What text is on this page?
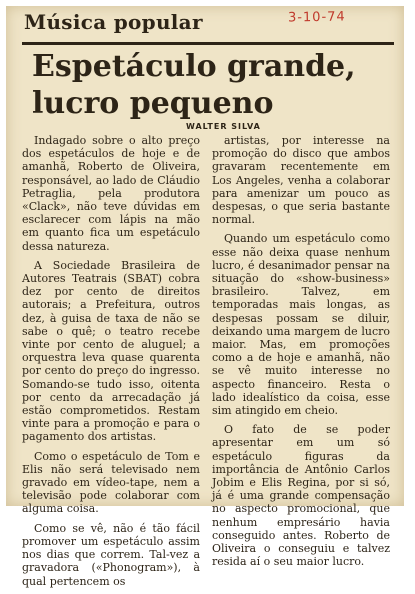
3-10-74
Música popular
Espetáculo grande,
lucro pequeno
WALTER SILVA

Indagado sobre o alto preço dos espetáculos de hoje e de amanhã, Roberto de Oliveira, responsável, ao lado de Cláudio Petraglia, pela produtora «Clack», não teve dúvidas em esclarecer com lápis na mão em quanto fica um espetáculo dessa natureza.

A Sociedade Brasileira de Autores Teatrais (SBAT) cobra dez por cento de direitos autorais; a Prefeitura, outros dez, à guisa de taxa de não se sabe o quê; o teatro recebe vinte por cento de aluguel; a orquestra leva quase quarenta por cento do preço do ingresso. Somando-se tudo isso, oitenta por cento da arrecadação já estão comprometidos. Restam vinte para a promoção e para o pagamento dos artistas.

Como o espetáculo de Tom e Elis não será televisado nem gravado em vídeo-tape, nem a televisão pode colaborar com alguma coisa.

Como se vê, não é tão fácil promover um espetáculo assim nos dias que correm. Tal-vez a gravadora («Phonogram»), à qual pertencem os

artistas, por interesse na promoção do disco que ambos gravaram recentemente em Los Angeles, venha a colaborar para amenizar um pouco as despesas, o que seria bastante normal.

Quando um espetáculo como esse não deixa quase nenhum lucro, é desanimador pensar na situação do «show-business» brasileiro. Talvez, em temporadas mais longas, as despesas possam se diluir, deixando uma margem de lucro maior. Mas, em promoções como a de hoje e amanhã, não se vê muito interesse no aspecto financeiro. Resta o lado idealístico da coisa, esse sim atingido em cheio.

O fato de se poder apresentar em um só espetáculo figuras da importância de Antônio Carlos Jobim e Elis Regina, por si só, já é uma grande compensação no aspecto promocional, que nenhum empresário havia conseguido antes. Roberto de Oliveira o conseguiu e talvez resida aí o seu maior lucro.
